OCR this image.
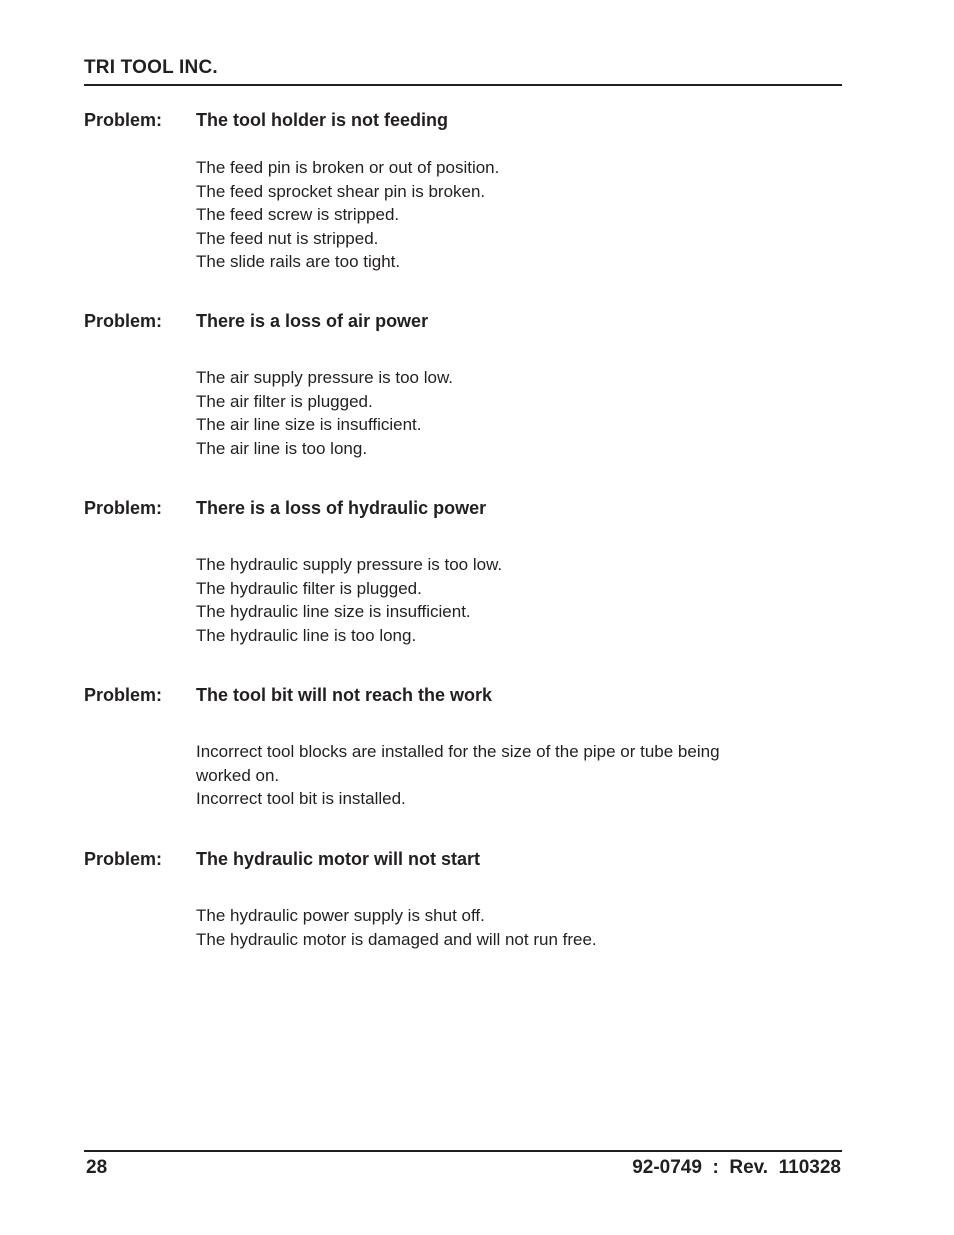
TRI TOOL INC.
Problem: The tool holder is not feeding
The feed pin is broken or out of position.
The feed sprocket shear pin is broken.
The feed screw is stripped.
The feed nut is stripped.
The slide rails are too tight.
Problem: There is a loss of air power
The air supply pressure is too low.
The air filter is plugged.
The air line size is insufficient.
The air line is too long.
Problem: There is a loss of hydraulic power
The hydraulic supply pressure is too low.
The hydraulic filter is plugged.
The hydraulic line size is insufficient.
The hydraulic line is too long.
Problem: The tool bit will not reach the work
Incorrect tool blocks are installed for the size of the pipe or tube being
worked on.
Incorrect tool bit is installed.
Problem: The hydraulic motor will not start
The hydraulic power supply is shut off.
The hydraulic motor is damaged and will not run free.
28	92-0749  :  Rev.  110328
